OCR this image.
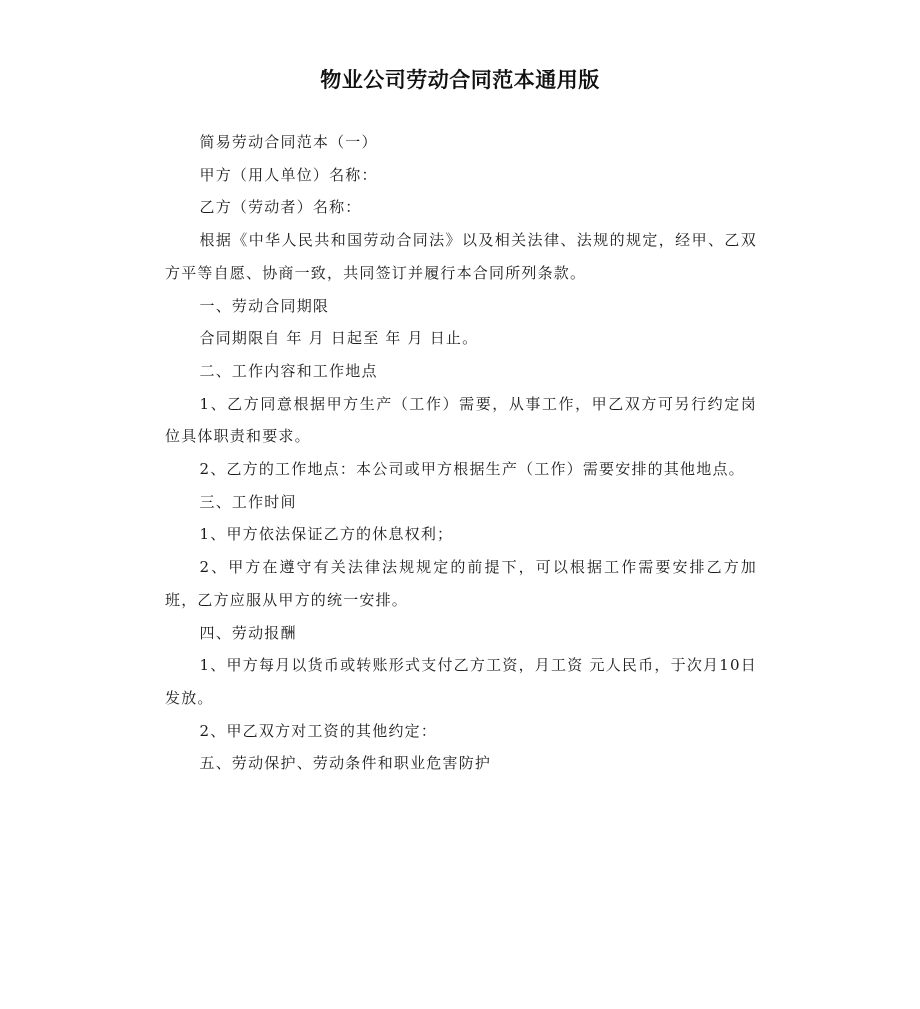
物业公司劳动合同范本通用版

简易劳动合同范本（一）

甲方（用人单位）名称：

乙方（劳动者）名称：

根据《中华人民共和国劳动合同法》以及相关法律、法规的规定，经甲、乙双方平等自愿、协商一致，共同签订并履行本合同所列条款。

一、劳动合同期限

合同期限自 年 月 日起至 年 月 日止。

二、工作内容和工作地点

1、乙方同意根据甲方生产（工作）需要，从事工作，甲乙双方可另行约定岗位具体职责和要求。

2、乙方的工作地点：本公司或甲方根据生产（工作）需要安排的其他地点。

三、工作时间

1、甲方依法保证乙方的休息权利；

2、甲方在遵守有关法律法规规定的前提下，可以根据工作需要安排乙方加班，乙方应服从甲方的统一安排。

四、劳动报酬

1、甲方每月以货币或转账形式支付乙方工资，月工资 元人民币，于次月10日发放。

2、甲乙双方对工资的其他约定：

五、劳动保护、劳动条件和职业危害防护
